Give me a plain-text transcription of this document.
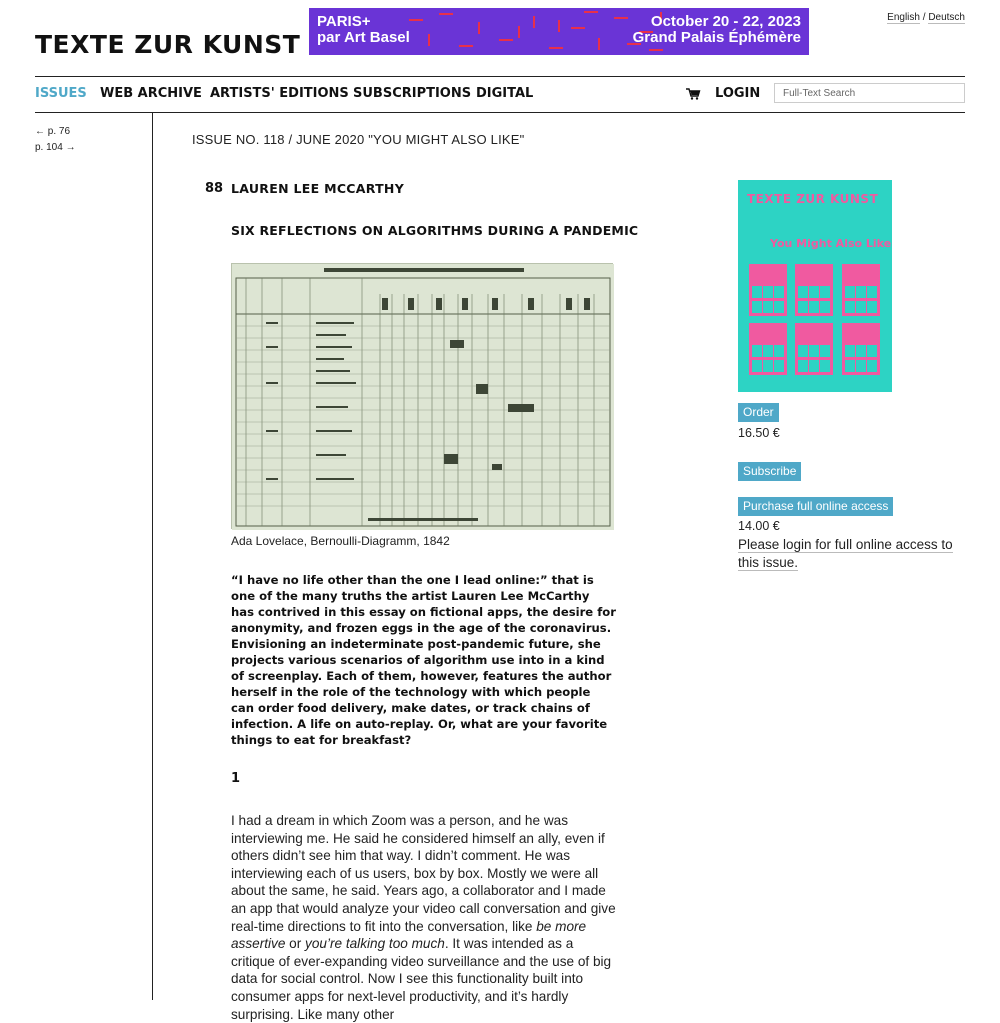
TEXTE ZUR KUNST
PARIS+
par Art Basel
October 20 - 22, 2023
Grand Palais Éphémère
English / Deutsch
ISSUES WEB ARCHIVE ARTISTS' EDITIONS SUBSCRIPTIONS DIGITAL	LOGIN
Full-Text Search
← p. 76
p. 104 →
ISSUE NO. 118 / JUNE 2020 "YOU MIGHT ALSO LIKE"
88 LAUREN LEE MCCARTHY
SIX REFLECTIONS ON ALGORITHMS DURING A PANDEMIC
Ada Lovelace, Bernoulli-Diagramm, 1842
“I have no life other than the one I lead online:” that is one of the many truths the artist Lauren Lee McCarthy has contrived in this essay on fictional apps, the desire for anonymity, and frozen eggs in the age of the coronavirus. Envisioning an indeterminate post-pandemic future, she projects various scenarios of algorithm use into in a kind of screenplay. Each of them, however, features the author herself in the role of the technology with which people can order food delivery, make dates, or track chains of infection. A life on auto-replay. Or, what are your favorite things to eat for breakfast?
1
I had a dream in which Zoom was a person, and he was interviewing me. He said he considered himself an ally, even if others didn’t see him that way. I didn’t comment. He was interviewing each of us users, box by box. Mostly we were all about the same, he said. Years ago, a collaborator and I made an app that would analyze your video call conversation and give real-time directions to fit into the conversation, like be more assertive or you’re talking too much. It was intended as a critique of ever-expanding video surveillance and the use of big data for social control. Now I see this functionality built into consumer apps for next-level productivity, and it’s hardly surprising. Like many other
TEXTE ZUR KUNST
You Might Also Like
Order
16.50 €
Subscribe
Purchase full online access
14.00 €
Please login for full online access to this issue.
